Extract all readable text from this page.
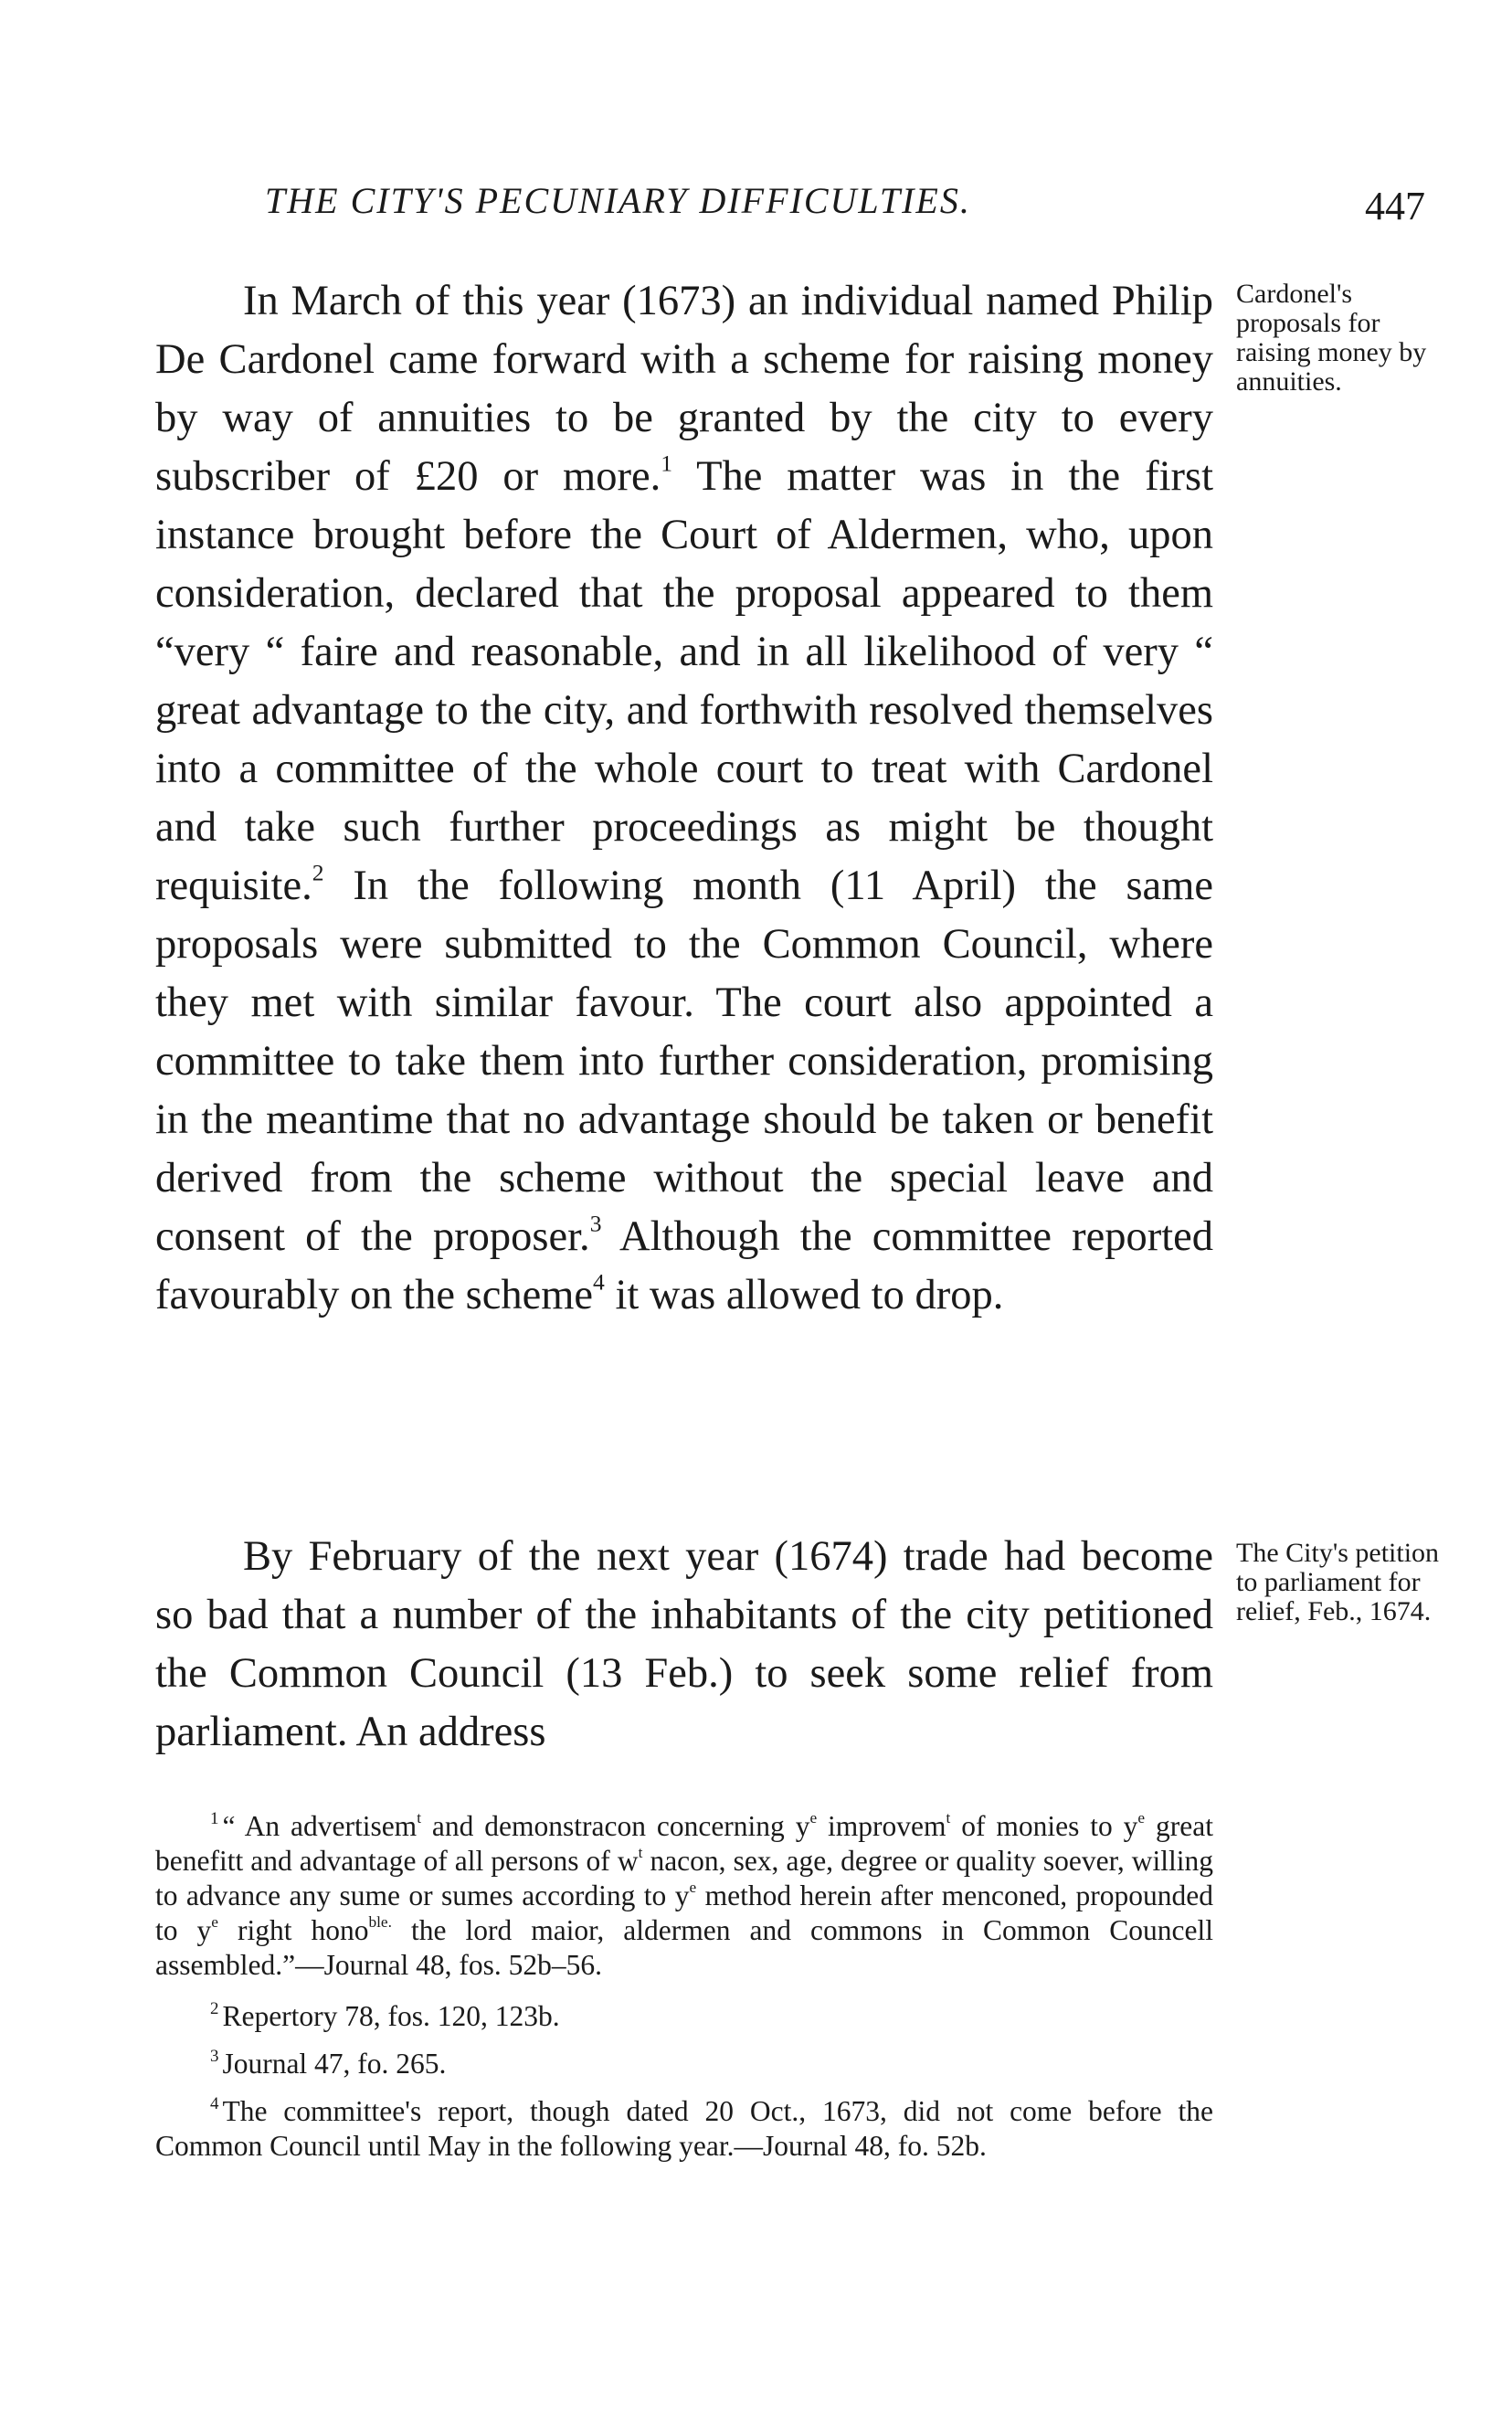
THE CITY'S PECUNIARY DIFFICULTIES.	447

In March of this year (1673) an individual named Philip De Cardonel came forward with a scheme for raising money by way of annuities to be granted by the city to every subscriber of £20 or more.$^1$ The matter was in the first instance brought before the Court of Aldermen, who, upon consideration, declared that the proposal appeared to them “very “ faire and reasonable, and in all likelihood of very “ great advantage to the city, and forthwith resolved themselves into a committee of the whole court to treat with Cardonel and take such further proceedings as might be thought requisite.$^2$ In the following month (11 April) the same proposals were submitted to the Common Council, where they met with similar favour. The court also appointed a committee to take them into further consideration, promising in the meantime that no advantage should be taken or benefit derived from the scheme without the special leave and consent of the proposer.$^3$ Although the committee reported favourably on the scheme$^4$ it was allowed to drop.

Cardonel's proposals for raising money by annuities.

By February of the next year (1674) trade had become so bad that a number of the inhabitants of the city petitioned the Common Council (13 Feb.) to seek some relief from parliament. An address

The City's petition to parliament for relief, Feb., 1674.

$^1$ “ An advertisem$^t$ and demonstracon concerning $y^e$ improvem$^t$ of monies to $y^e$ great benefitt and advantage of all persons of $w^t$ nacon, sex, age, degree or quality soever, willing to advance any sume or sumes according to $y^e$ method herein after menconed, propounded to $y^e$ right hono$^{ble.}$ the lord maior, aldermen and commons in Common Councell assembled.”—Journal 48, fos. 52b–56.

$^2$ Repertory 78, fos. 120, 123b.

$^3$ Journal 47, fo. 265.

$^4$ The committee's report, though dated 20 Oct., 1673, did not come before the Common Council until May in the following year.—Journal 48, fo. 52b.
